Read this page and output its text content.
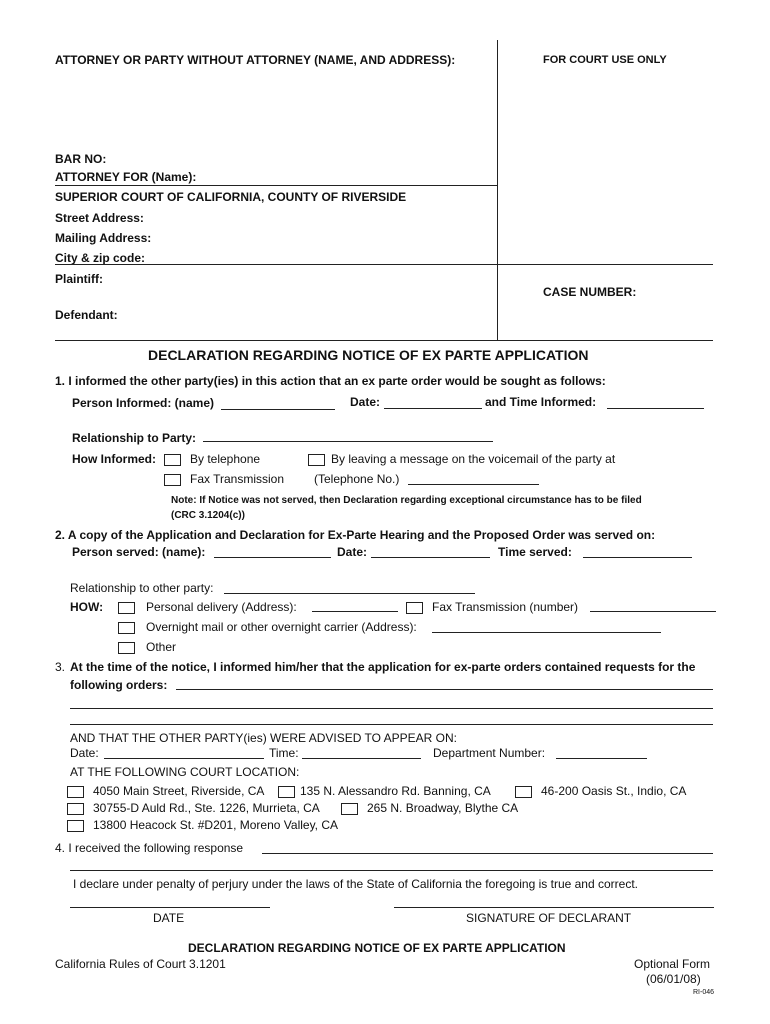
ATTORNEY OR PARTY WITHOUT ATTORNEY (NAME, AND ADDRESS):	FOR COURT USE ONLY
BAR NO:
ATTORNEY FOR (Name):
SUPERIOR COURT OF CALIFORNIA, COUNTY OF RIVERSIDE
Street Address:
Mailing Address:
City & zip code:
Plaintiff:
CASE NUMBER:
Defendant:
DECLARATION REGARDING NOTICE OF EX PARTE APPLICATION
1. I informed the other party(ies) in this action that an ex parte order would be sought as follows:
Person Informed: (name)	Date:	and Time Informed:
Relationship to Party:
How Informed:	By telephone	By leaving a message on the voicemail of the party at
Fax Transmission (Telephone No.)
Note: If Notice was not served, then Declaration regarding exceptional circumstance has to be filed
(CRC 3.1204(c))
2. A copy of the Application and Declaration for Ex-Parte Hearing and the Proposed Order was served on:
Person served: (name):	Date:	Time served:
Relationship to other party:
HOW:	Personal delivery (Address):	Fax Transmission (number)
Overnight mail or other overnight carrier (Address):
Other
3. At the time of the notice, I informed him/her that the application for ex-parte orders contained requests for the
following orders:
AND THAT THE OTHER PARTY(ies) WERE ADVISED TO APPEAR ON:
Date:	Time:	Department Number:
AT THE FOLLOWING COURT LOCATION:
4050 Main Street, Riverside, CA	135 N. Alessandro Rd. Banning, CA	46-200 Oasis St., Indio, CA
30755-D Auld Rd., Ste. 1226, Murrieta, CA	265 N. Broadway, Blythe CA
13800 Heacock St. #D201, Moreno Valley, CA
4. I received the following response
I declare under penalty of perjury under the laws of the State of California the foregoing is true and correct.
DATE	SIGNATURE OF DECLARANT
DECLARATION REGARDING NOTICE OF EX PARTE APPLICATION
California Rules of Court 3.1201	Optional Form
(06/01/08)
RI-046
